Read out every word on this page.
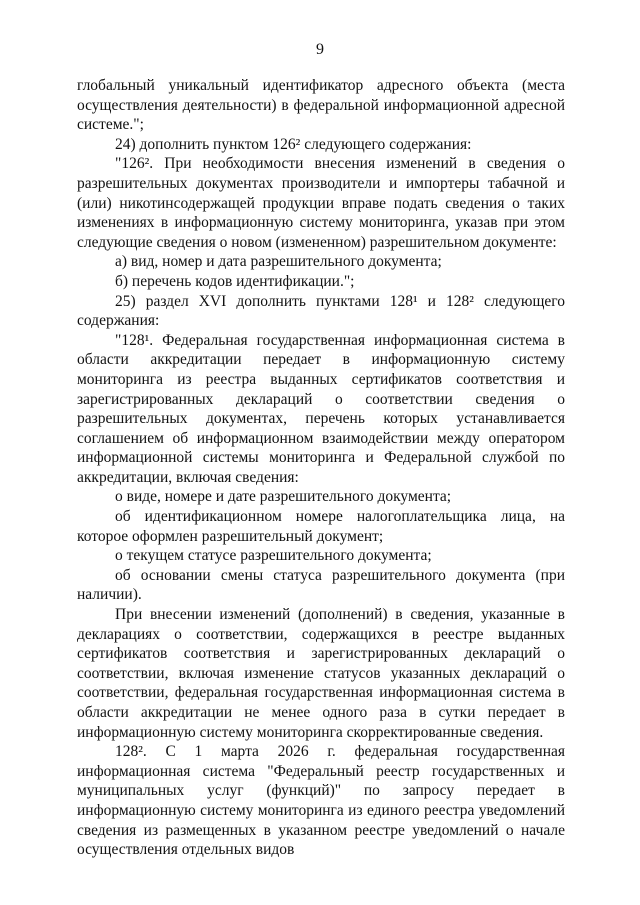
9

глобальный уникальный идентификатор адресного объекта (места осуществления деятельности) в федеральной информационной адресной системе.";

24) дополнить пунктом 126² следующего содержания:

"126². При необходимости внесения изменений в сведения о разрешительных документах производители и импортеры табачной и (или) никотинсодержащей продукции вправе подать сведения о таких изменениях в информационную систему мониторинга, указав при этом следующие сведения о новом (измененном) разрешительном документе:

а) вид, номер и дата разрешительного документа;

б) перечень кодов идентификации.";

25) раздел XVI дополнить пунктами 128¹ и 128² следующего содержания:

"128¹. Федеральная государственная информационная система в области аккредитации передает в информационную систему мониторинга из реестра выданных сертификатов соответствия и зарегистрированных деклараций о соответствии сведения о разрешительных документах, перечень которых устанавливается соглашением об информационном взаимодействии между оператором информационной системы мониторинга и Федеральной службой по аккредитации, включая сведения:

о виде, номере и дате разрешительного документа;

об идентификационном номере налогоплательщика лица, на которое оформлен разрешительный документ;

о текущем статусе разрешительного документа;

об основании смены статуса разрешительного документа (при наличии).

При внесении изменений (дополнений) в сведения, указанные в декларациях о соответствии, содержащихся в реестре выданных сертификатов соответствия и зарегистрированных деклараций о соответствии, включая изменение статусов указанных деклараций о соответствии, федеральная государственная информационная система в области аккредитации не менее одного раза в сутки передает в информационную систему мониторинга скорректированные сведения.

128². С 1 марта 2026 г. федеральная государственная информационная система "Федеральный реестр государственных и муниципальных услуг (функций)" по запросу передает в информационную систему мониторинга из единого реестра уведомлений сведения из размещенных в указанном реестре уведомлений о начале осуществления отдельных видов
